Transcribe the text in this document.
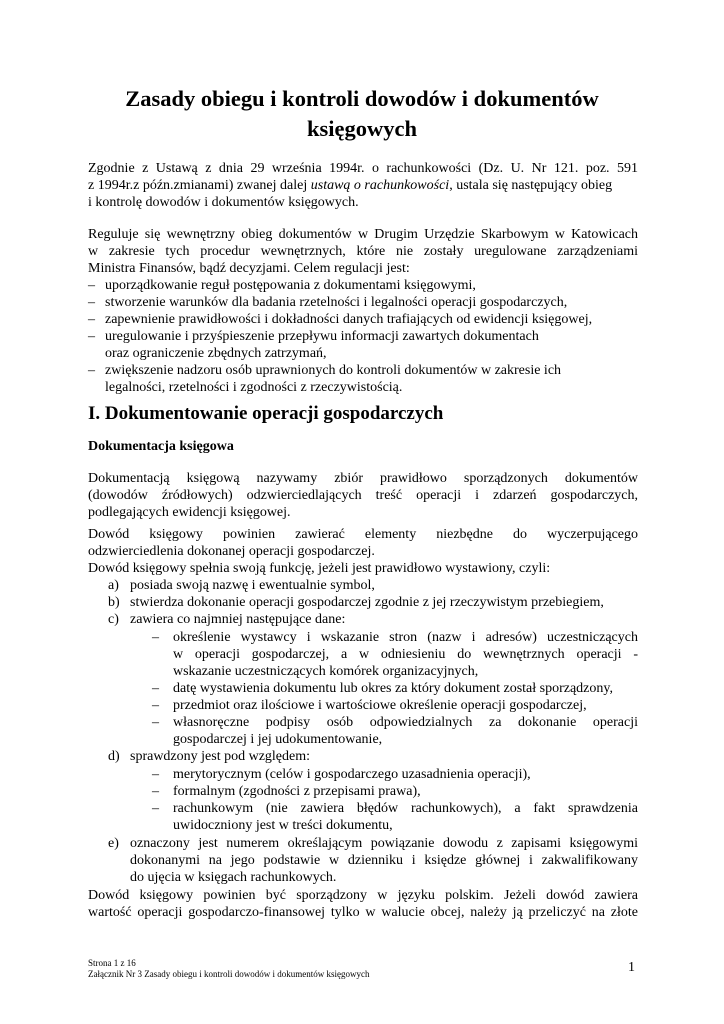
Zasady obiegu i kontroli dowodów i dokumentów
księgowych
Zgodnie z Ustawą z dnia 29 września 1994r. o rachunkowości (Dz. U. Nr 121. poz. 591
z 1994r.z późn.zmianami) zwanej dalej ustawą o rachunkowości, ustala się następujący obieg
i kontrolę dowodów i dokumentów księgowych.
Reguluje się wewnętrzny obieg dokumentów w Drugim Urzędzie Skarbowym w Katowicach
w zakresie tych procedur wewnętrznych, które nie zostały uregulowane zarządzeniami
Ministra Finansów, bądź decyzjami. Celem regulacji jest:
– uporządkowanie reguł postępowania z dokumentami księgowymi,
– stworzenie warunków dla badania rzetelności i legalności operacji gospodarczych,
– zapewnienie prawidłowości i dokładności danych trafiających od ewidencji księgowej,
– uregulowanie i przyśpieszenie przepływu informacji zawartych dokumentach
oraz ograniczenie zbędnych zatrzymań,
– zwiększenie nadzoru osób uprawnionych do kontroli dokumentów w zakresie ich
legalności, rzetelności i zgodności z rzeczywistością.
I. Dokumentowanie operacji gospodarczych
Dokumentacja księgowa
Dokumentacją księgową nazywamy zbiór prawidłowo sporządzonych dokumentów
(dowodów źródłowych) odzwierciedlających treść operacji i zdarzeń gospodarczych,
podlegających ewidencji księgowej.
Dowód księgowy powinien zawierać elementy niezbędne do wyczerpującego
odzwierciedlenia dokonanej operacji gospodarczej.
Dowód księgowy spełnia swoją funkcję, jeżeli jest prawidłowo wystawiony, czyli:
a) posiada swoją nazwę i ewentualnie symbol,
b) stwierdza dokonanie operacji gospodarczej zgodnie z jej rzeczywistym przebiegiem,
c) zawiera co najmniej następujące dane:
– określenie wystawcy i wskazanie stron (nazw i adresów) uczestniczących
w operacji gospodarczej, a w odniesieniu do wewnętrznych operacji -
wskazanie uczestniczących komórek organizacyjnych,
– datę wystawienia dokumentu lub okres za który dokument został sporządzony,
– przedmiot oraz ilościowe i wartościowe określenie operacji gospodarczej,
– własnoręczne podpisy osób odpowiedzialnych za dokonanie operacji
gospodarczej i jej udokumentowanie,
d) sprawdzony jest pod względem:
– merytorycznym (celów i gospodarczego uzasadnienia operacji),
– formalnym (zgodności z przepisami prawa),
– rachunkowym (nie zawiera błędów rachunkowych), a fakt sprawdzenia
uwidoczniony jest w treści dokumentu,
e) oznaczony jest numerem określającym powiązanie dowodu z zapisami księgowymi
dokonanymi na jego podstawie w dzienniku i księdze głównej i zakwalifikowany
do ujęcia w księgach rachunkowych.
Dowód księgowy powinien być sporządzony w języku polskim. Jeżeli dowód zawiera
wartość operacji gospodarczo-finansowej tylko w walucie obcej, należy ją przeliczyć na złote
Strona 1 z 16
Załącznik Nr 3 Zasady obiegu i kontroli dowodów i dokumentów księgowych	1
